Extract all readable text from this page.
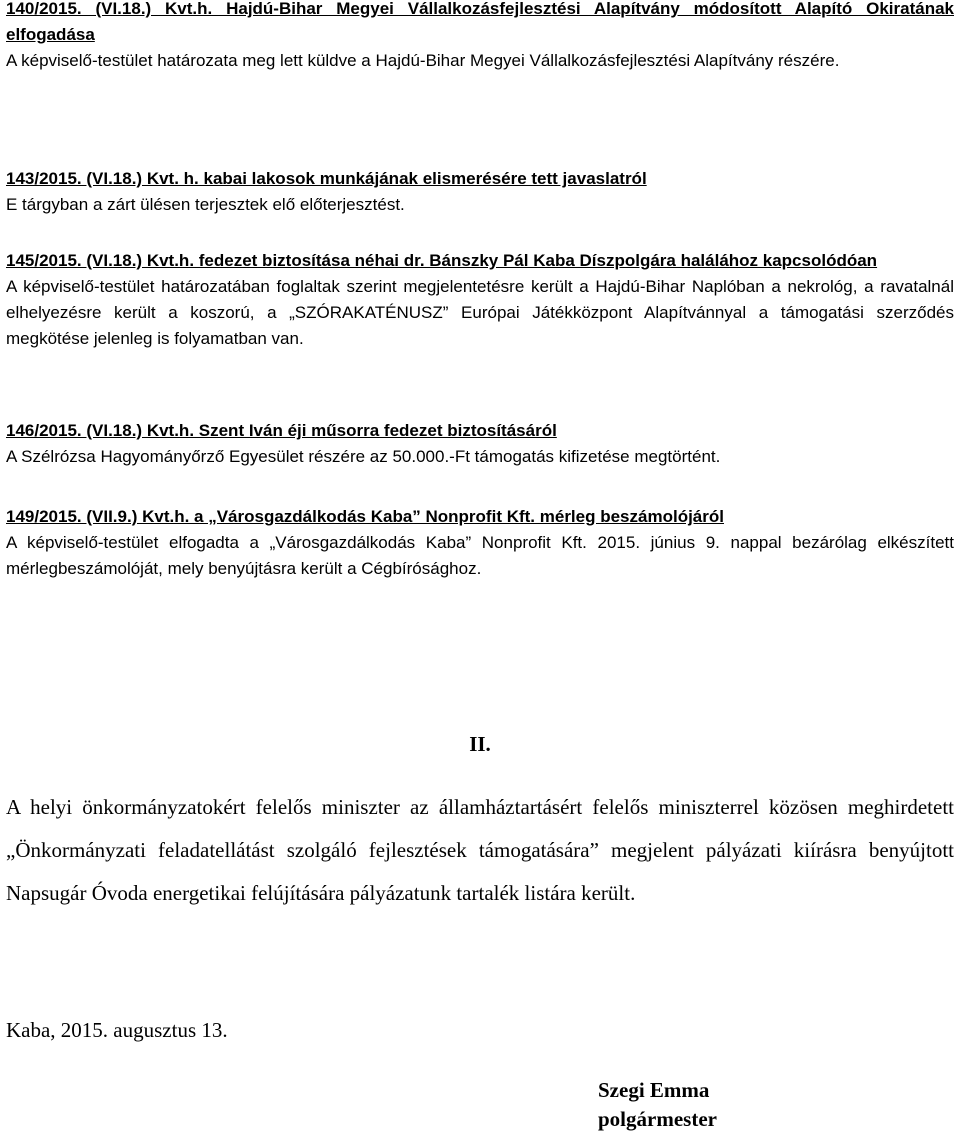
140/2015. (VI.18.) Kvt.h. Hajdú-Bihar Megyei Vállalkozásfejlesztési Alapítvány módosított Alapító Okiratának elfogadása

A képviselő-testület határozata meg lett küldve a Hajdú-Bihar Megyei Vállalkozásfejlesztési Alapítvány részére.

143/2015. (VI.18.) Kvt. h. kabai lakosok munkájának elismerésére tett javaslatról

E tárgyban a zárt ülésen terjesztek elő előterjesztést.

145/2015. (VI.18.) Kvt.h. fedezet biztosítása néhai dr. Bánszky Pál Kaba Díszpolgára halálához kapcsolódóan

A képviselő-testület határozatában foglaltak szerint megjelentetésre került a Hajdú-Bihar Naplóban a nekrológ, a ravatalnál elhelyezésre került a koszorú, a „SZÓRAKATÉNUSZ” Európai Játékközpont Alapítvánnyal a támogatási szerződés megkötése jelenleg is folyamatban van.

146/2015. (VI.18.) Kvt.h. Szent Iván éji műsorra fedezet biztosításáról

A Szélrózsa Hagyományőrző Egyesület részére az 50.000.-Ft támogatás kifizetése megtörtént.

149/2015. (VII.9.) Kvt.h. a „Városgazdálkodás Kaba” Nonprofit Kft. mérleg beszámolójáról

A képviselő-testület elfogadta a „Városgazdálkodás Kaba” Nonprofit Kft. 2015. június 9. nappal bezárólag elkészített mérlegbeszámolóját, mely benyújtásra került a Cégbírósághoz.

II.

A helyi önkormányzatokért felelős miniszter az államháztartásért felelős miniszterrel közösen meghirdetett „Önkormányzati feladatellátást szolgáló fejlesztések támogatására” megjelent pályázati kiírásra benyújtott Napsugár Óvoda energetikai felújítására pályázatunk tartalék listára került.

Kaba, 2015. augusztus 13.
Szegi Emma
polgármester
